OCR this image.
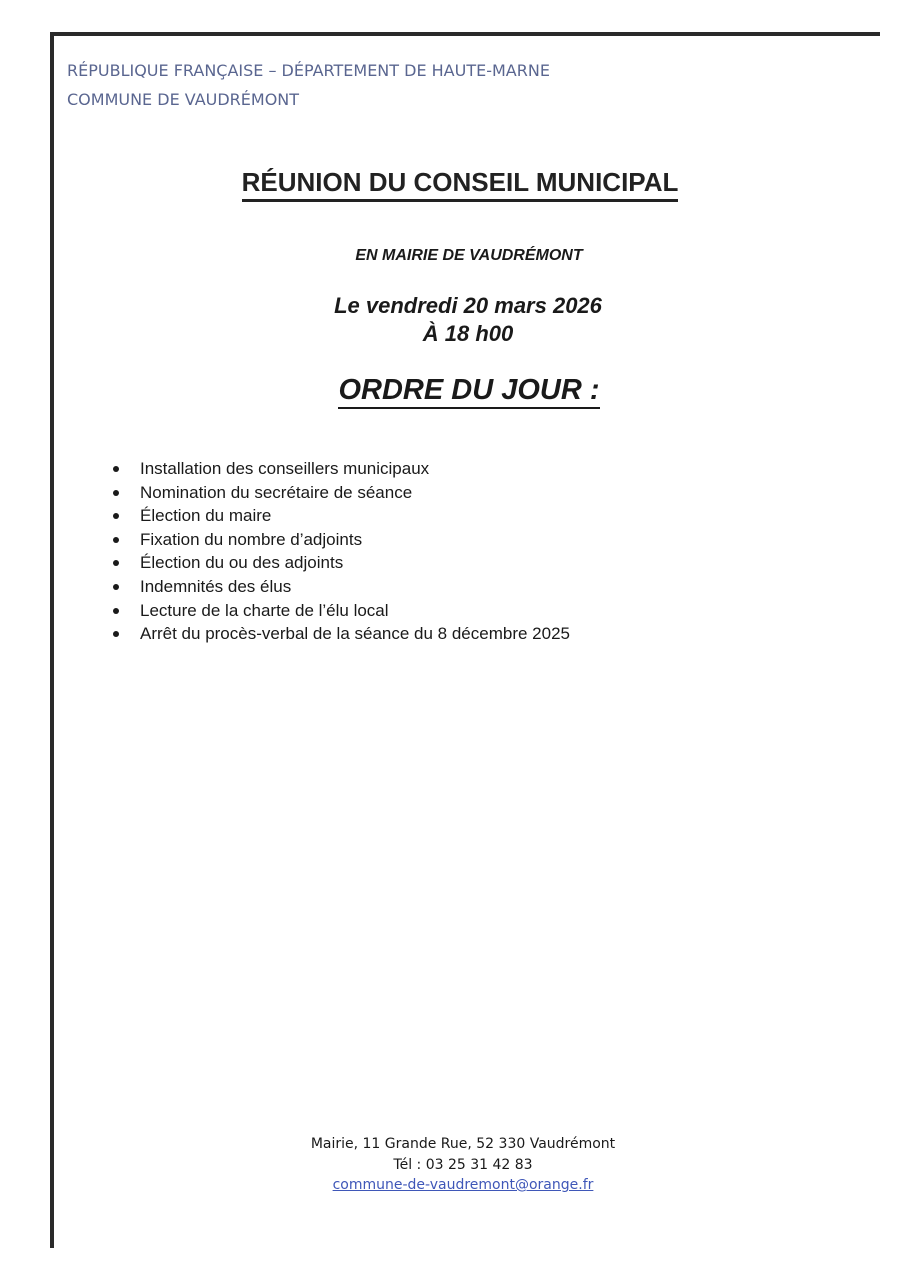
RÉPUBLIQUE FRANÇAISE – DÉPARTEMENT DE HAUTE-MARNE
COMMUNE DE VAUDRÉMONT
RÉUNION DU CONSEIL MUNICIPAL
EN MAIRIE DE VAUDRÉMONT
Le vendredi 20 mars 2026
À 18 h00
ORDRE DU JOUR :
Installation des conseillers municipaux
Nomination du secrétaire de séance
Élection du maire
Fixation du nombre d’adjoints
Élection du ou des adjoints
Indemnités des élus
Lecture de la charte de l’élu local
Arrêt du procès-verbal de la séance du 8 décembre 2025
Mairie, 11 Grande Rue, 52 330 Vaudrémont
Tél : 03 25 31 42 83
commune-de-vaudremont@orange.fr
